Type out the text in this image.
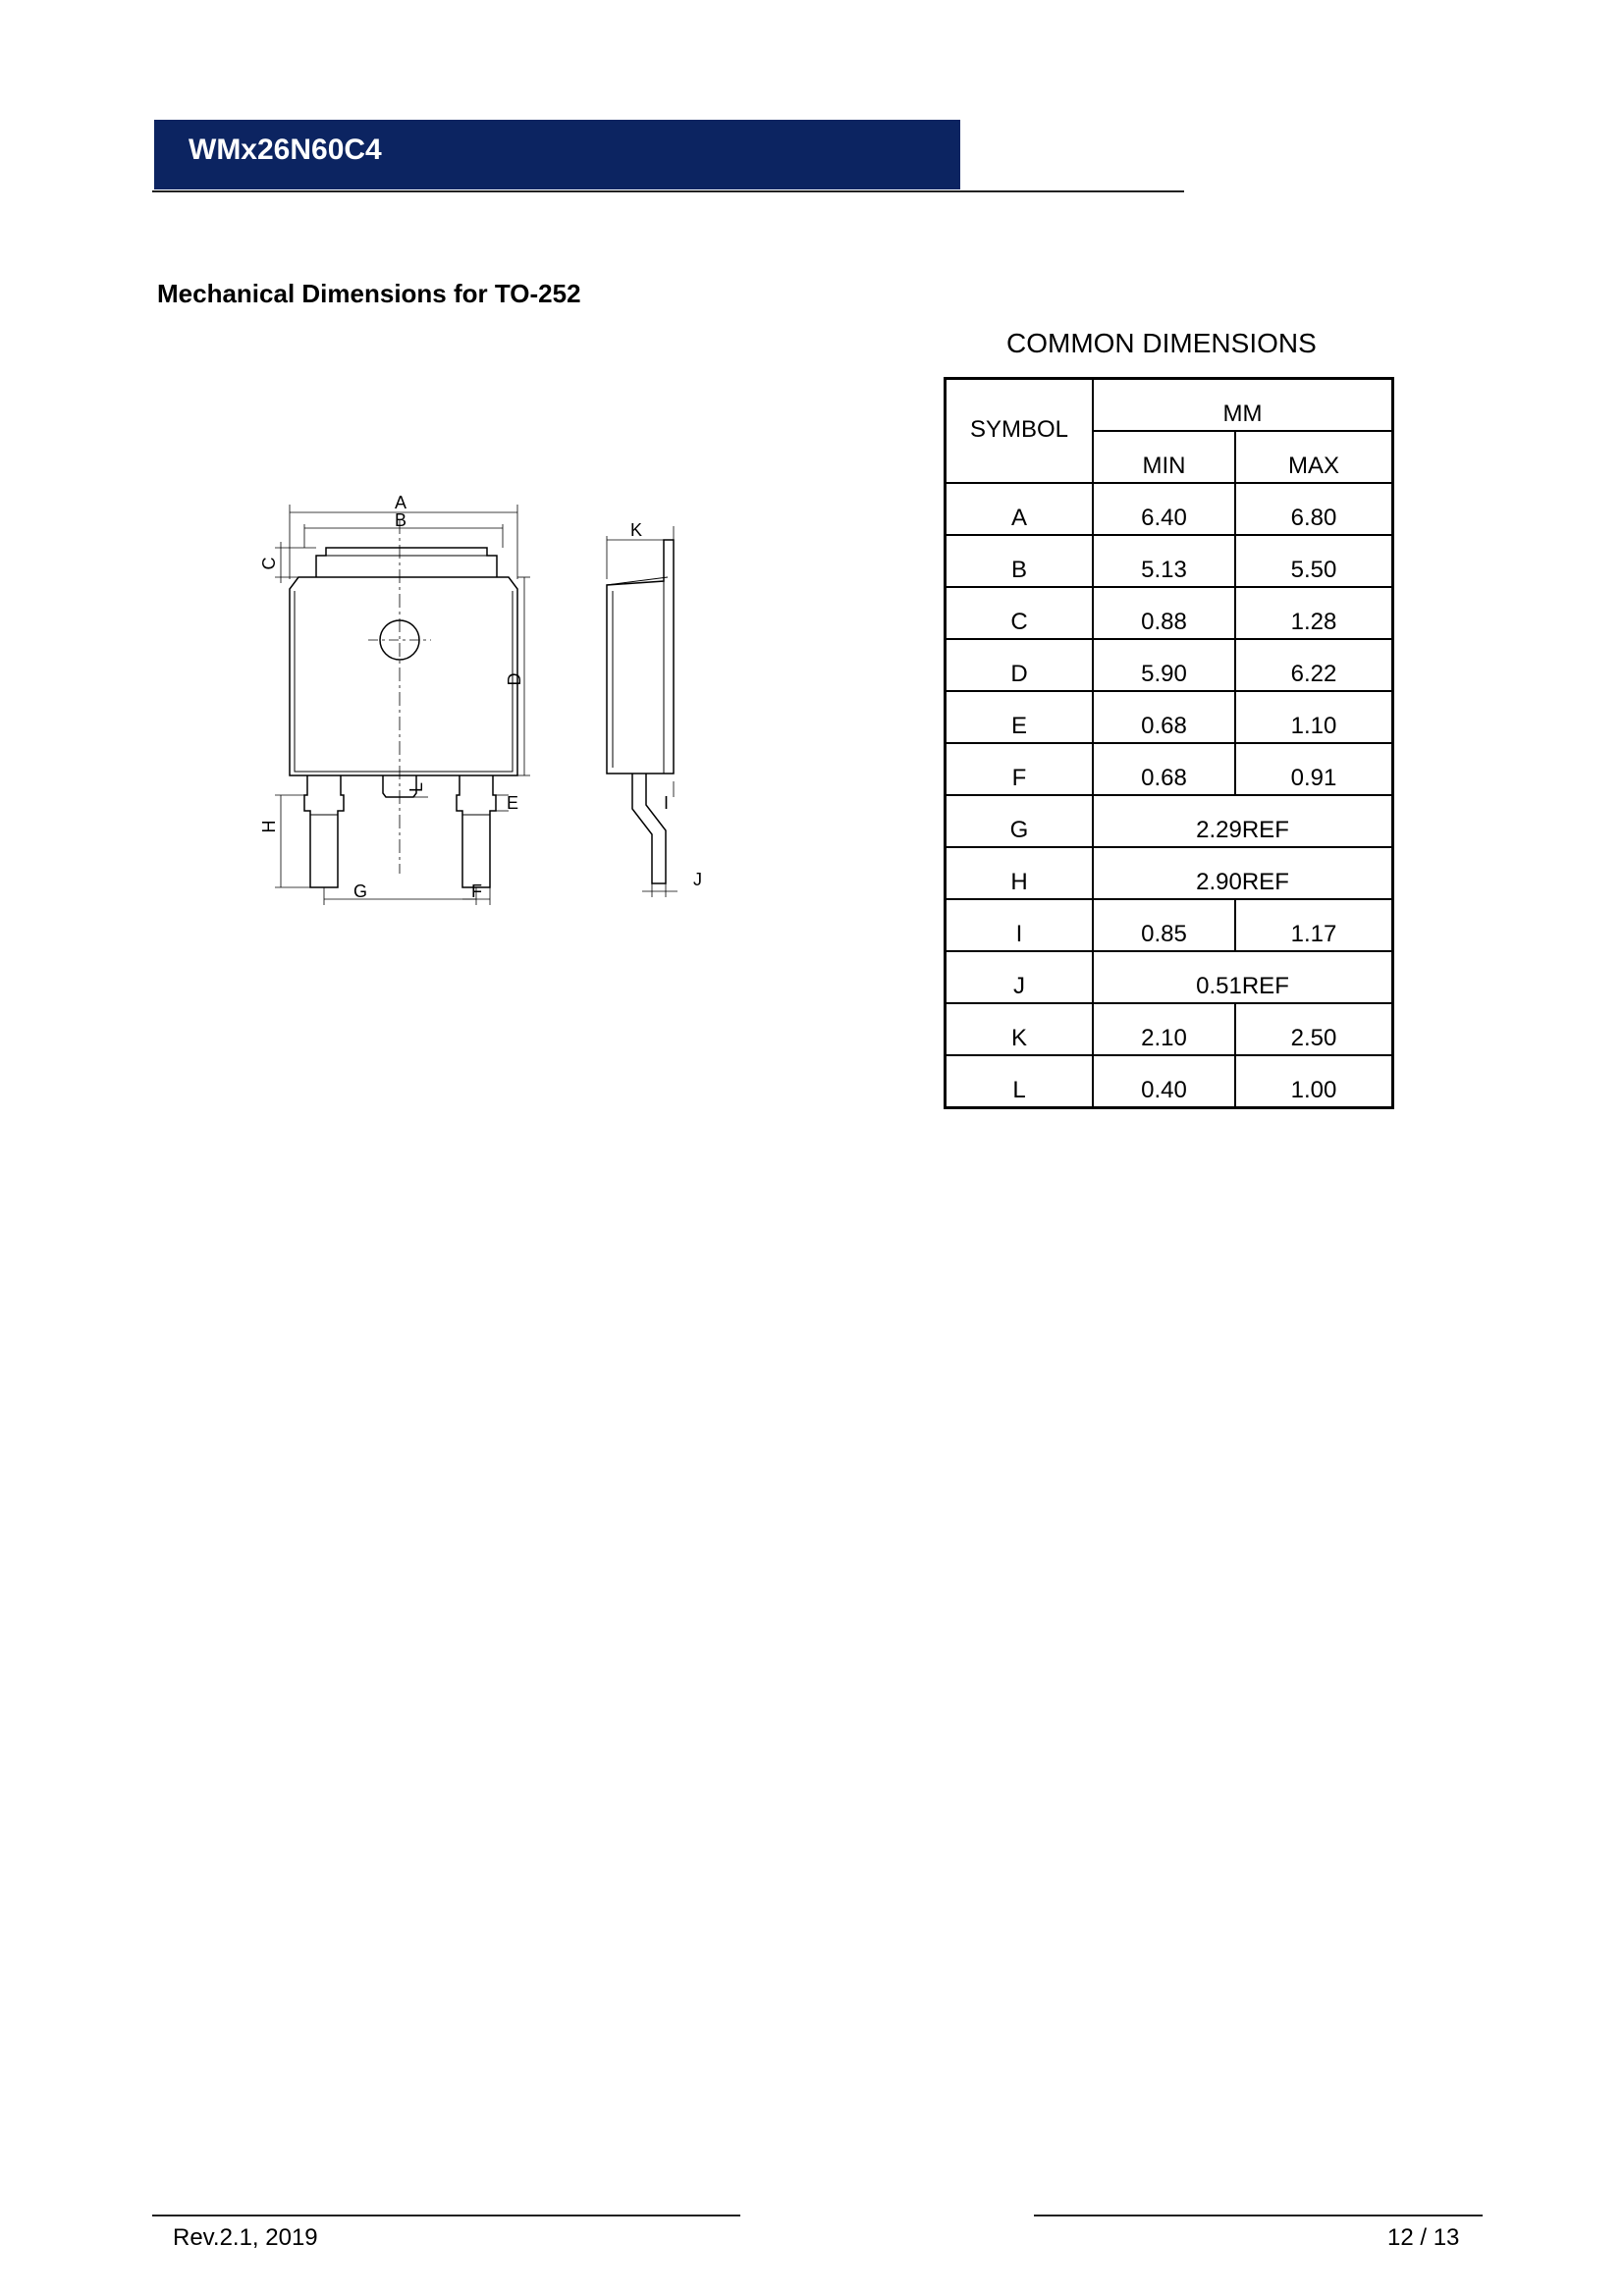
WMx26N60C4
Mechanical Dimensions for TO-252
A
B
C
D
E
F
G
H
I
J
K
L
COMMON DIMENSIONS
SYMBOL	MM	
	MIN	MAX
A	6.40	6.80
B	5.13	5.50
C	0.88	1.28
D	5.90	6.22
E	0.68	1.10
F	0.68	0.91
G	2.29REF	
H	2.90REF	
I	0.85	1.17
J	0.51REF	
K	2.10	2.50
L	0.40	1.00
Rev.2.1, 2019	12 / 13
